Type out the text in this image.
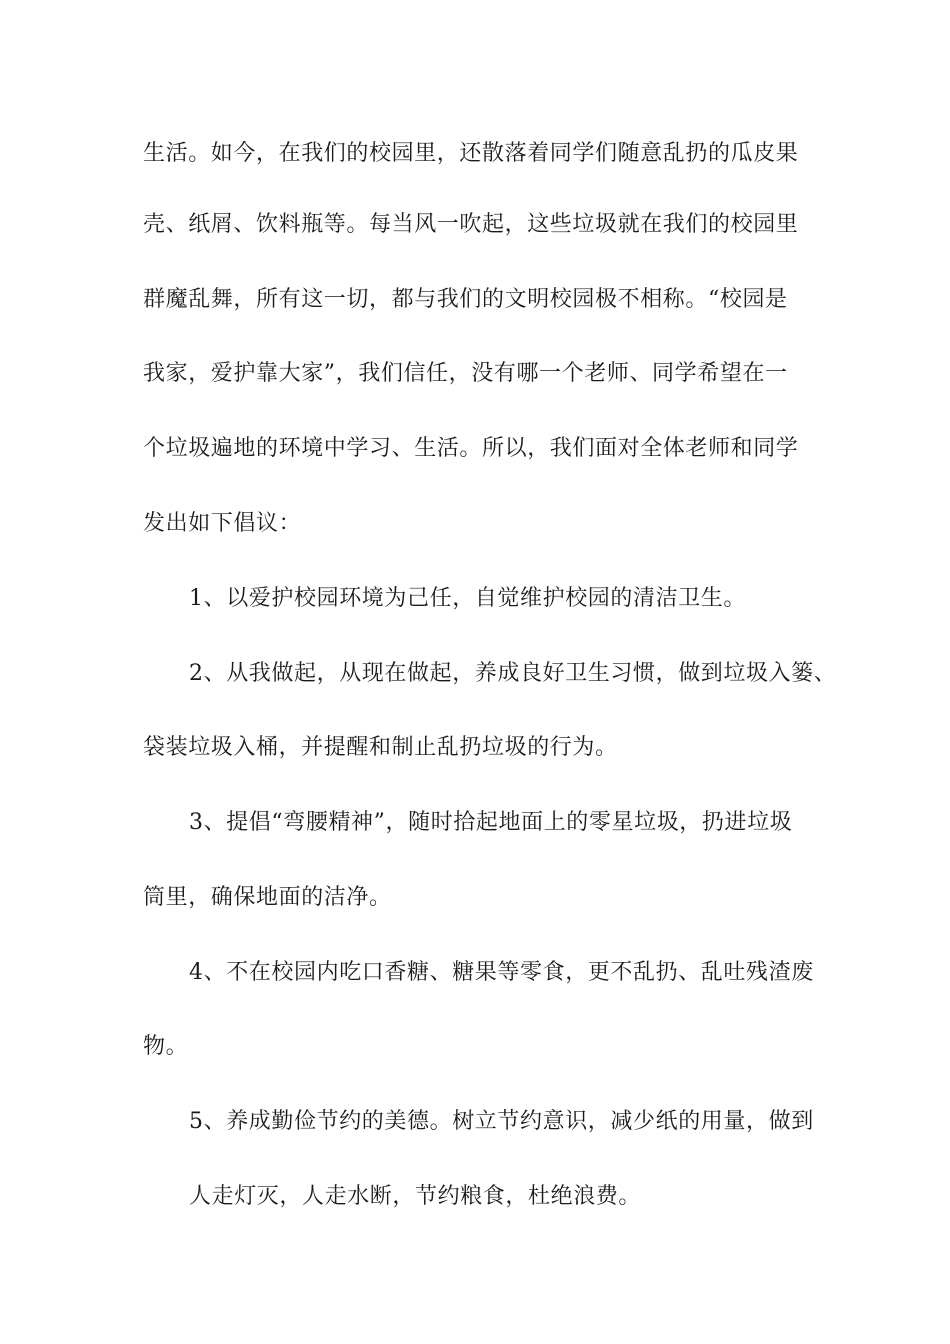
生活。如今，在我们的校园里，还散落着同学们随意乱扔的瓜皮果
壳、纸屑、饮料瓶等。每当风一吹起，这些垃圾就在我们的校园里
群魔乱舞，所有这一切，都与我们的文明校园极不相称。“校园是
我家，爱护靠大家”，我们信任，没有哪一个老师、同学希望在一
个垃圾遍地的环境中学习、生活。所以，我们面对全体老师和同学
发出如下倡议：
1、以爱护校园环境为己任，自觉维护校园的清洁卫生。
2、从我做起，从现在做起，养成良好卫生习惯，做到垃圾入篓、
袋装垃圾入桶，并提醒和制止乱扔垃圾的行为。
3、提倡“弯腰精神”，随时拾起地面上的零星垃圾，扔进垃圾
筒里，确保地面的洁净。
4、不在校园内吃口香糖、糖果等零食，更不乱扔、乱吐残渣废
物。
5、养成勤俭节约的美德。树立节约意识，减少纸的用量，做到
人走灯灭，人走水断，节约粮食，杜绝浪费。
